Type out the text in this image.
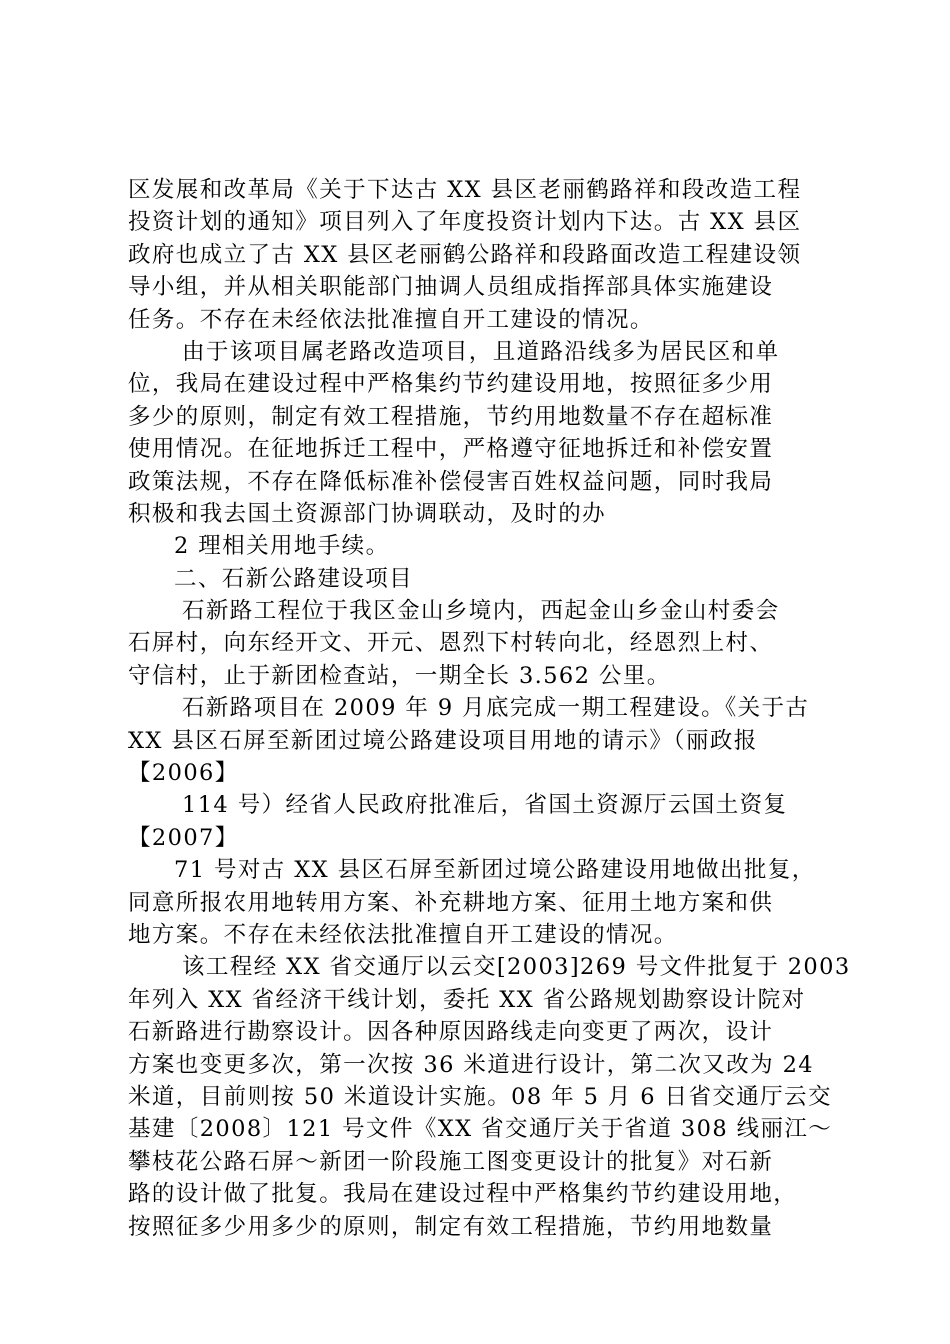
区发展和改革局《关于下达古 XX 县区老丽鹤路祥和段改造工程
投资计划的通知》项目列入了年度投资计划内下达。古 XX 县区
政府也成立了古 XX 县区老丽鹤公路祥和段路面改造工程建设领
导小组，并从相关职能部门抽调人员组成指挥部具体实施建设
任务。不存在未经依法批准擅自开工建设的情况。
由于该项目属老路改造项目，且道路沿线多为居民区和单
位，我局在建设过程中严格集约节约建设用地，按照征多少用
多少的原则，制定有效工程措施，节约用地数量不存在超标准
使用情况。在征地拆迁工程中，严格遵守征地拆迁和补偿安置
政策法规，不存在降低标准补偿侵害百姓权益问题，同时我局
积极和我去国土资源部门协调联动，及时的办
2 理相关用地手续。
二、石新公路建设项目
石新路工程位于我区金山乡境内，西起金山乡金山村委会
石屏村，向东经开文、开元、恩烈下村转向北，经恩烈上村、
守信村，止于新团检查站，一期全长 3.562 公里。
石新路项目在 2009 年 9 月底完成一期工程建设。《关于古
XX 县区石屏至新团过境公路建设项目用地的请示》（丽政报
【2006】
114 号）经省人民政府批准后，省国土资源厅云国土资复
【2007】
71 号对古 XX 县区石屏至新团过境公路建设用地做出批复，
同意所报农用地转用方案、补充耕地方案、征用土地方案和供
地方案。不存在未经依法批准擅自开工建设的情况。
该工程经 XX 省交通厅以云交[2003]269 号文件批复于 2003
年列入 XX 省经济干线计划，委托 XX 省公路规划勘察设计院对
石新路进行勘察设计。因各种原因路线走向变更了两次，设计
方案也变更多次，第一次按 36 米道进行设计，第二次又改为 24
米道，目前则按 50 米道设计实施。08 年 5 月 6 日省交通厅云交
基建〔2008〕121 号文件《XX 省交通厅关于省道 308 线丽江～
攀枝花公路石屏～新团一阶段施工图变更设计的批复》对石新
路的设计做了批复。我局在建设过程中严格集约节约建设用地，
按照征多少用多少的原则，制定有效工程措施，节约用地数量
